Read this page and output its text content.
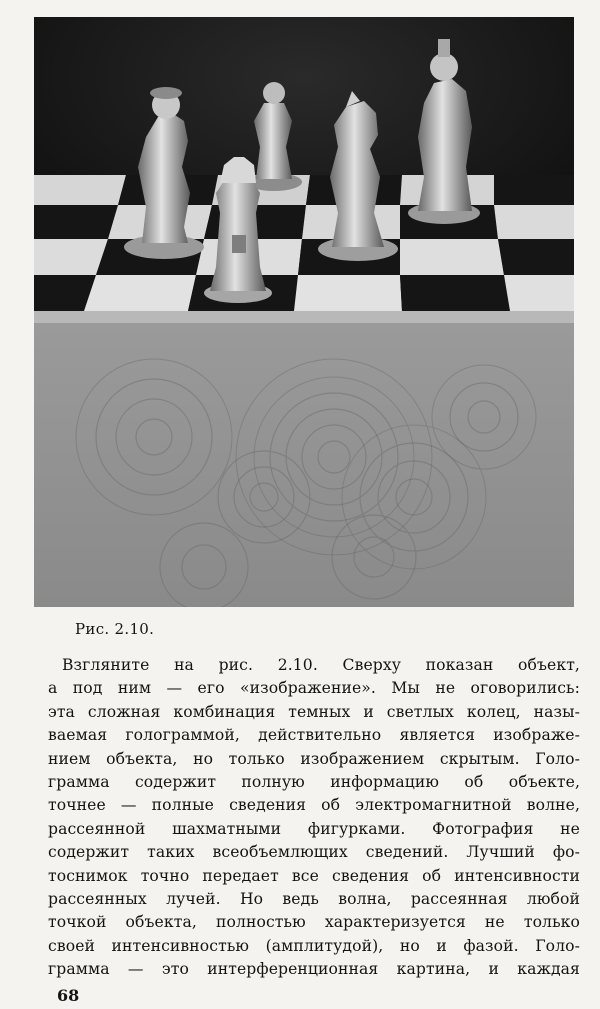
Рис. 2.10.
Взгляните на рис. 2.10. Сверху показан объект,
а под ним — его «изображение». Мы не оговорились:
эта сложная комбинация темных и светлых колец, назы-
ваемая голограммой, действительно является изображе-
нием объекта, но только изображением скрытым. Голо-
грамма содержит полную информацию об объекте,
точнее — полные сведения об электромагнитной волне,
рассеянной шахматными фигурками. Фотография не
содержит таких всеобъемлющих сведений. Лучший фо-
тоснимок точно передает все сведения об интенсивности
рассеянных лучей. Но ведь волна, рассеянная любой
точкой объекта, полностью характеризуется не только
своей интенсивностью (амплитудой), но и фазой. Голо-
грамма — это интерференционная картина, и каждая
68
